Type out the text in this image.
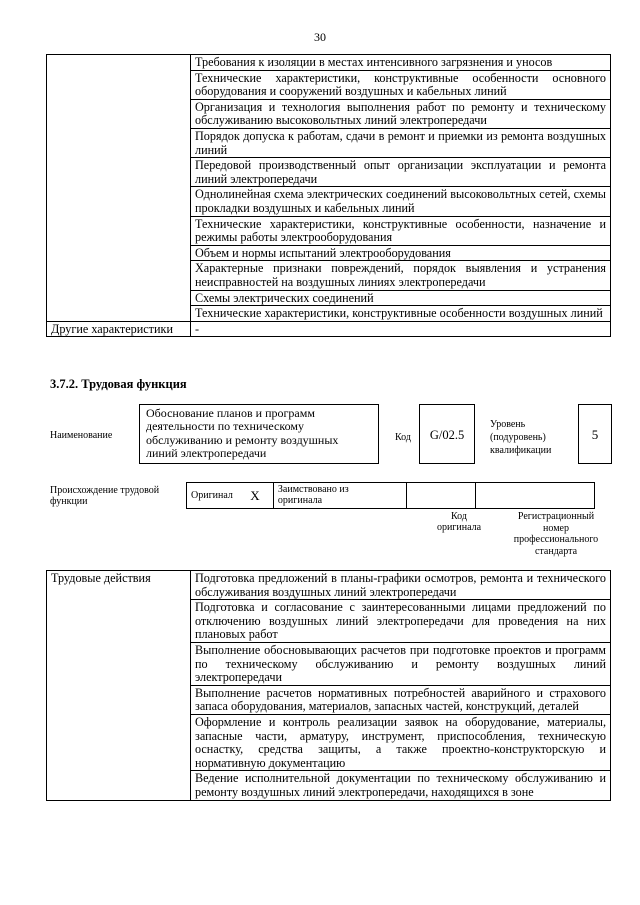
30
	Требования к изоляции в местах интенсивного загрязнения и уносов
	Технические характеристики, конструктивные особенности основного оборудования и сооружений воздушных и кабельных линий
	Организация и технология выполнения работ по ремонту и техническому обслуживанию высоковольтных линий электропередачи
	Порядок допуска к работам, сдачи в ремонт и приемки из ремонта воздушных линий
	Передовой производственный опыт организации эксплуатации и ремонта линий электропередачи
	Однолинейная схема электрических соединений высоковольтных сетей, схемы прокладки воздушных и кабельных линий
	Технические характеристики, конструктивные особенности, назначение и режимы работы электрооборудования
	Объем и нормы испытаний электрооборудования
	Характерные признаки повреждений, порядок выявления и устранения неисправностей на воздушных линиях электропередачи
	Схемы электрических соединений
	Технические характеристики, конструктивные особенности воздушных линий
Другие характеристики	-
3.7.2. Трудовая функция
Наименование
Обоснование планов и программ деятельности по техническому обслуживанию и ремонту воздушных линий электропередачи
Код	G/02.5
Уровень
(подуровень)
квалификации
5
Происхождение трудовой
функции
Оригинал	X	Заимствовано из
оригинала

Код
оригинала
Регистрационный
номер
профессионального
стандарта
Трудовые действия	Подготовка предложений в планы-графики осмотров, ремонта и технического обслуживания воздушных линий электропередачи
Подготовка и согласование с заинтересованными лицами предложений по отключению воздушных линий электропередачи для проведения на них плановых работ
Выполнение обосновывающих расчетов при подготовке проектов и программ по техническому обслуживанию и ремонту воздушных линий электропередачи
Выполнение расчетов нормативных потребностей аварийного и страхового запаса оборудования, материалов, запасных частей, конструкций, деталей
Оформление и контроль реализации заявок на оборудование, материалы, запасные части, арматуру, инструмент, приспособления, техническую оснастку, средства защиты, а также проектно-конструкторскую и нормативную документацию
Ведение исполнительной документации по техническому обслуживанию и ремонту воздушных линий электропередачи, находящихся в зоне
